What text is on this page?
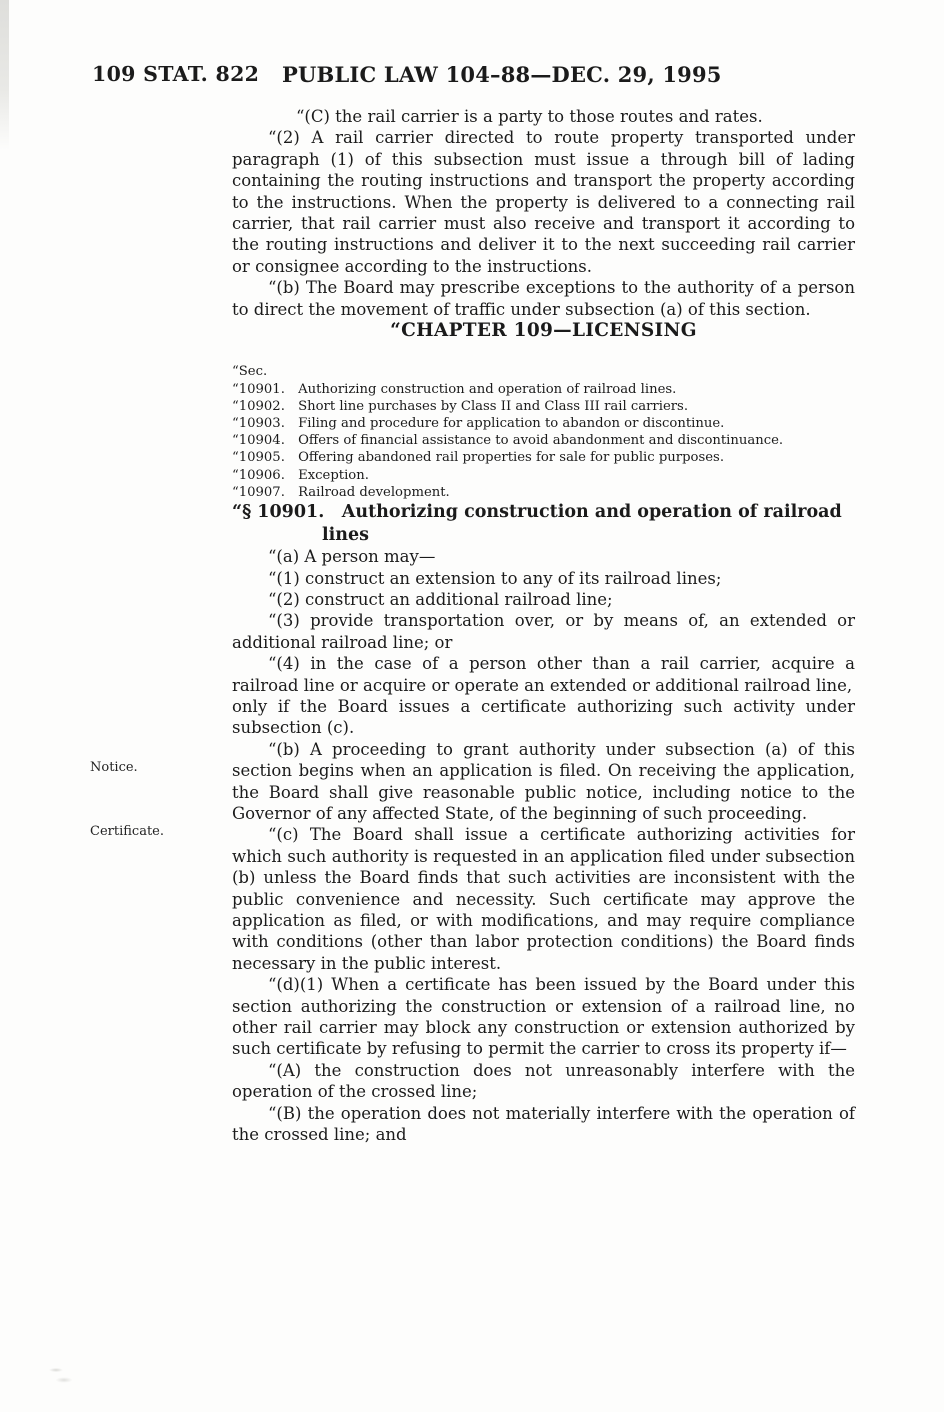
109 STAT. 822 PUBLIC LAW 104–88—DEC. 29, 1995

“(C) the rail carrier is a party to those routes and rates.

“(2) A rail carrier directed to route property transported under paragraph (1) of this subsection must issue a through bill of lading containing the routing instructions and transport the property according to the instructions. When the property is delivered to a connecting rail carrier, that rail carrier must also receive and transport it according to the routing instructions and deliver it to the next succeeding rail carrier or consignee according to the instructions.

“(b) The Board may prescribe exceptions to the authority of a person to direct the movement of traffic under subsection (a) of this section.

“CHAPTER 109—LICENSING

“Sec.

“10901. Authorizing construction and operation of railroad lines.

“10902. Short line purchases by Class II and Class III rail carriers.

“10903. Filing and procedure for application to abandon or discontinue.

“10904. Offers of financial assistance to avoid abandonment and discontinuance.

“10905. Offering abandoned rail properties for sale for public purposes.

“10906. Exception.

“10907. Railroad development.

“§ 10901. Authorizing construction and operation of railroad lines

“(a) A person may—

“(1) construct an extension to any of its railroad lines;

“(2) construct an additional railroad line;

“(3) provide transportation over, or by means of, an extended or additional railroad line; or

“(4) in the case of a person other than a rail carrier, acquire a railroad line or acquire or operate an extended or additional railroad line,

only if the Board issues a certificate authorizing such activity under subsection (c).

Notice.
“(b) A proceeding to grant authority under subsection (a) of this section begins when an application is filed. On receiving the application, the Board shall give reasonable public notice, including notice to the Governor of any affected State, of the beginning of such proceeding.

Certificate.	“(c) The Board shall issue a certificate authorizing activities for which such authority is requested in an application filed under subsection (b) unless the Board finds that such activities are inconsistent with the public convenience and necessity. Such certificate may approve the application as filed, or with modifications, and may require compliance with conditions (other than labor protection conditions) the Board finds necessary in the public interest.

“(d)(1) When a certificate has been issued by the Board under this section authorizing the construction or extension of a railroad line, no other rail carrier may block any construction or extension authorized by such certificate by refusing to permit the carrier to cross its property if—

“(A) the construction does not unreasonably interfere with the operation of the crossed line;

“(B) the operation does not materially interfere with the operation of the crossed line; and
